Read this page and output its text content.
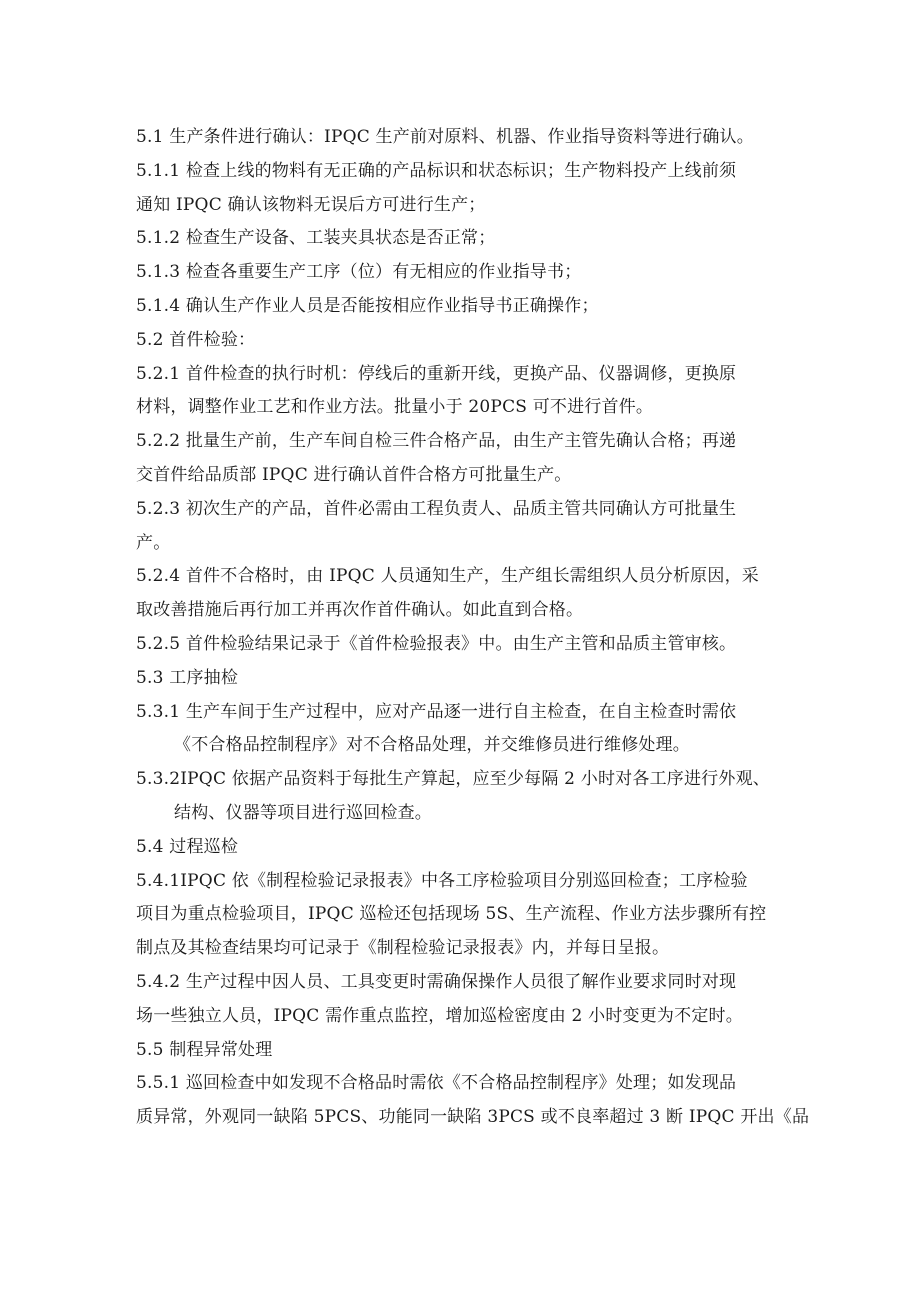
5.1 生产条件进行确认：IPQC 生产前对原料、机器、作业指导资料等进行确认。
5.1.1 检查上线的物料有无正确的产品标识和状态标识；生产物料投产上线前须
通知 IPQC 确认该物料无误后方可进行生产；
5.1.2 检查生产设备、工装夹具状态是否正常；
5.1.3 检查各重要生产工序（位）有无相应的作业指导书；
5.1.4 确认生产作业人员是否能按相应作业指导书正确操作；
5.2 首件检验：
5.2.1 首件检查的执行时机：停线后的重新开线，更换产品、仪器调修，更换原
材料，调整作业工艺和作业方法。批量小于 20PCS 可不进行首件。
5.2.2 批量生产前，生产车间自检三件合格产品，由生产主管先确认合格；再递
交首件给品质部 IPQC 进行确认首件合格方可批量生产。
5.2.3 初次生产的产品，首件必需由工程负责人、品质主管共同确认方可批量生
产。
5.2.4 首件不合格时，由 IPQC 人员通知生产，生产组长需组织人员分析原因，采
取改善措施后再行加工并再次作首件确认。如此直到合格。
5.2.5 首件检验结果记录于《首件检验报表》中。由生产主管和品质主管审核。
5.3 工序抽检
5.3.1 生产车间于生产过程中，应对产品逐一进行自主检查，在自主检查时需依
《不合格品控制程序》对不合格品处理，并交维修员进行维修处理。
5.3.2IPQC 依据产品资料于每批生产算起，应至少每隔 2 小时对各工序进行外观、
结构、仪器等项目进行巡回检查。
5.4 过程巡检
5.4.1IPQC 依《制程检验记录报表》中各工序检验项目分别巡回检查；工序检验
项目为重点检验项目，IPQC 巡检还包括现场 5S、生产流程、作业方法步骤所有控
制点及其检查结果均可记录于《制程检验记录报表》内，并每日呈报。
5.4.2 生产过程中因人员、工具变更时需确保操作人员很了解作业要求同时对现
场一些独立人员，IPQC 需作重点监控，增加巡检密度由 2 小时变更为不定时。
5.5 制程异常处理
5.5.1 巡回检查中如发现不合格品时需依《不合格品控制程序》处理；如发现品
质异常，外观同一缺陷 5PCS、功能同一缺陷 3PCS 或不良率超过 3 断 IPQC 开出《品
